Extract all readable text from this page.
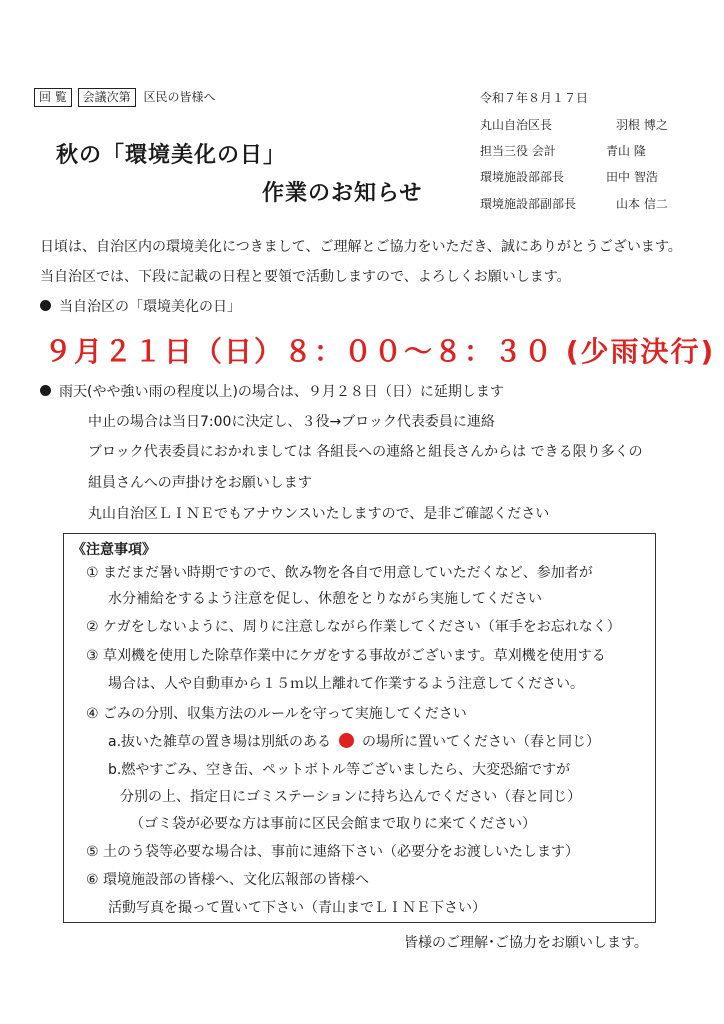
回 覧 会議次第 区民の皆様へ	令和７年８月１７日
秋の「環境美化の日」
作業のお知らせ
丸山自治区長	羽根 博之
担当三役 会計	青山 隆
環境施設部部長	田中 智浩
環境施設部副部長	山本 信二
日頃は、自治区内の環境美化につきまして、ご理解とご協力をいただき、誠にありがとうございます。
当自治区では、下段に記載の日程と要領で活動しますので、よろしくお願いします。
当自治区の「環境美化の日」
９月２１日（日）８：００～８：３０ (少雨決行)
雨天(やや強い雨の程度以上)の場合は、９月２８日（日）に延期します
中止の場合は当日7:00に決定し、３役→ブロック代表委員に連絡
ブロック代表委員におかれましては 各組長への連絡と組長さんからは できる限り多くの
組員さんへの声掛けをお願いします
丸山自治区ＬＩＮＥでもアナウンスいたしますので、是非ご確認ください
《注意事項》
① まだまだ暑い時期ですので、飲み物を各自で用意していただくなど、参加者が
水分補給をするよう注意を促し、休憩をとりながら実施してください
② ケガをしないように、周りに注意しながら作業してください（軍手をお忘れなく）
③ 草刈機を使用した除草作業中にケガをする事故がございます。草刈機を使用する
場合は、人や自動車から１５ｍ以上離れて作業するよう注意してください。
④ ごみの分別、収集方法のルールを守って実施してください
a.抜いた雑草の置き場は別紙のある の場所に置いてください（春と同じ）
b.燃やすごみ、空き缶、ペットボトル等ございましたら、大変恐縮ですが
分別の上、指定日にゴミステーションに持ち込んでください（春と同じ）
（ゴミ袋が必要な方は事前に区民会館まで取りに来てください）
⑤ 土のう袋等必要な場合は、事前に連絡下さい（必要分をお渡しいたします）
⑥ 環境施設部の皆様へ、文化広報部の皆様へ
活動写真を撮って置いて下さい（青山までＬＩＮＥ下さい）
皆様のご理解･ご協力をお願いします。
